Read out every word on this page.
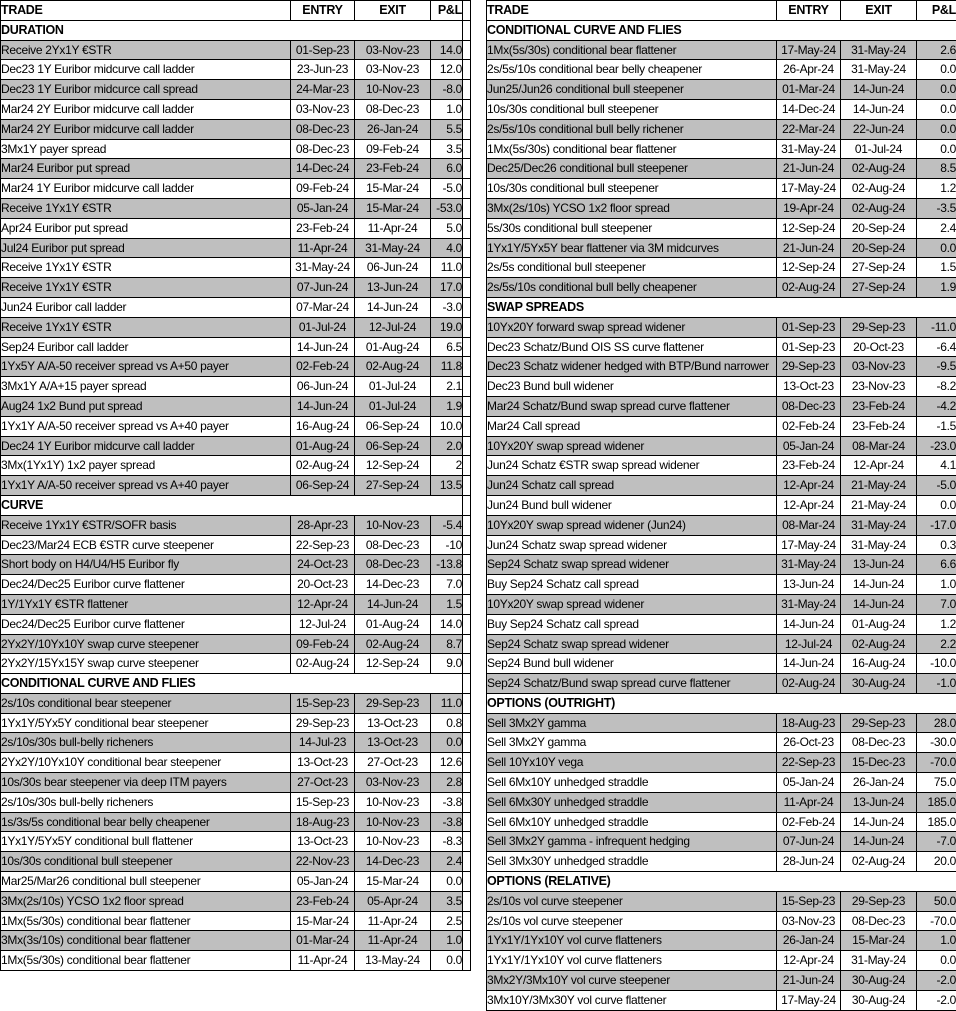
TRADE	ENTRY	EXIT	P&L	
DURATION				
Receive 2Yx1Y €STR	01-Sep-23	03-Nov-23	14.0	
Dec23 1Y Euribor midcurve call ladder	23-Jun-23	03-Nov-23	12.0	
Dec23 1Y Euribor midcurce call spread	24-Mar-23	10-Nov-23	-8.0	
Mar24 2Y Euribor midcurve call ladder	03-Nov-23	08-Dec-23	1.0	
Mar24 2Y Euribor midcurve call ladder	08-Dec-23	26-Jan-24	5.5	
3Mx1Y payer spread	08-Dec-23	09-Feb-24	3.5	
Mar24 Euribor put spread	14-Dec-24	23-Feb-24	6.0	
Mar24 1Y Euribor midcurve call ladder	09-Feb-24	15-Mar-24	-5.0	
Receive 1Yx1Y €STR	05-Jan-24	15-Mar-24	-53.0	
Apr24 Euribor put spread	23-Feb-24	11-Apr-24	5.0	
Jul24 Euribor put spread	11-Apr-24	31-May-24	4.0	
Receive 1Yx1Y €STR	31-May-24	06-Jun-24	11.0	
Receive 1Yx1Y €STR	07-Jun-24	13-Jun-24	17.0	
Jun24 Euribor call ladder	07-Mar-24	14-Jun-24	-3.0	
Receive 1Yx1Y €STR	01-Jul-24	12-Jul-24	19.0	
Sep24 Euribor call ladder	14-Jun-24	01-Aug-24	6.5	
1Yx5Y A/A-50 receiver spread vs A+50 payer	02-Feb-24	02-Aug-24	11.8	
3Mx1Y A/A+15 payer spread	06-Jun-24	01-Jul-24	2.1	
Aug24 1x2 Bund put spread	14-Jun-24	01-Jul-24	1.9	
1Yx1Y A/A-50 receiver spread vs A+40 payer	16-Aug-24	06-Sep-24	10.0	
Dec24 1Y Euribor midcurve call ladder	01-Aug-24	06-Sep-24	2.0	
3Mx(1Yx1Y) 1x2 payer spread	02-Aug-24	12-Sep-24	2	
1Yx1Y A/A-50 receiver spread vs A+40 payer	06-Sep-24	27-Sep-24	13.5	
CURVE				
Receive 1Yx1Y €STR/SOFR basis	28-Apr-23	10-Nov-23	-5.4	
Dec23/Mar24 ECB €STR curve steepener	22-Sep-23	08-Dec-23	-10	
Short body on H4/U4/H5 Euribor fly	24-Oct-23	08-Dec-23	-13.8	
Dec24/Dec25 Euribor curve flattener	20-Oct-23	14-Dec-23	7.0	
1Y/1Yx1Y €STR flattener	12-Apr-24	14-Jun-24	1.5	
Dec24/Dec25 Euribor curve flattener	12-Jul-24	01-Aug-24	14.0	
2Yx2Y/10Yx10Y swap curve steepener	09-Feb-24	02-Aug-24	8.7	
2Yx2Y/15Yx15Y swap curve steepener	02-Aug-24	12-Sep-24	9.0	
CONDITIONAL CURVE AND FLIES				
2s/10s conditional bear steepener	15-Sep-23	29-Sep-23	11.0	
1Yx1Y/5Yx5Y conditional bear steepener	29-Sep-23	13-Oct-23	0.8	
2s/10s/30s bull-belly richeners	14-Jul-23	13-Oct-23	0.0	
2Yx2Y/10Yx10Y conditional bear steepener	13-Oct-23	27-Oct-23	12.6	
10s/30s bear steepener via deep ITM payers	27-Oct-23	03-Nov-23	2.8	
2s/10s/30s bull-belly richeners	15-Sep-23	10-Nov-23	-3.8	
1s/3s/5s conditional bear belly cheapener	18-Aug-23	10-Nov-23	-3.8	
1Yx1Y/5Yx5Y conditional bull flattener	13-Oct-23	10-Nov-23	-8.3	
10s/30s conditional bull steepener	22-Nov-23	14-Dec-23	2.4	
Mar25/Mar26 conditional bull steepener	05-Jan-24	15-Mar-24	0.0	
3Mx(2s/10s) YCSO 1x2 floor spread	23-Feb-24	05-Apr-24	3.5	
1Mx(5s/30s) conditional bear flattener	15-Mar-24	11-Apr-24	2.5	
3Mx(3s/10s) conditional bear flattener	01-Mar-24	11-Apr-24	1.0	
1Mx(5s/30s) conditional bear flattener	11-Apr-24	13-May-24	0.0	
TRADE	ENTRY	EXIT	P&L
CONDITIONAL CURVE AND FLIES			
1Mx(5s/30s) conditional bear flattener	17-May-24	31-May-24	2.6
2s/5s/10s conditional bear belly cheapener	26-Apr-24	31-May-24	0.0
Jun25/Jun26 conditional bull steepener	01-Mar-24	14-Jun-24	0.0
10s/30s conditional bull steepener	14-Dec-24	14-Jun-24	0.0
2s/5s/10s conditional bull belly richener	22-Mar-24	22-Jun-24	0.0
1Mx(5s/30s) conditional bear flattener	31-May-24	01-Jul-24	0.0
Dec25/Dec26 conditional bull steepener	21-Jun-24	02-Aug-24	8.5
10s/30s conditional bull steepener	17-May-24	02-Aug-24	1.2
3Mx(2s/10s) YCSO 1x2 floor spread	19-Apr-24	02-Aug-24	-3.5
5s/30s conditional bull steepener	12-Sep-24	20-Sep-24	2.4
1Yx1Y/5Yx5Y bear flattener via 3M midcurves	21-Jun-24	20-Sep-24	0.0
2s/5s conditional bull steepener	12-Sep-24	27-Sep-24	1.5
2s/5s/10s conditional bull belly cheapener	02-Aug-24	27-Sep-24	1.9
SWAP SPREADS			
10Yx20Y forward swap spread widener	01-Sep-23	29-Sep-23	-11.0
Dec23 Schatz/Bund OIS SS curve flattener	01-Sep-23	20-Oct-23	-6.4
Dec23 Schatz widener hedged with BTP/Bund narrower	29-Sep-23	03-Nov-23	-9.5
Dec23 Bund bull widener	13-Oct-23	23-Nov-23	-8.2
Mar24 Schatz/Bund swap spread curve flattener	08-Dec-23	23-Feb-24	-4.2
Mar24 Call spread	02-Feb-24	23-Feb-24	-1.5
10Yx20Y swap spread widener	05-Jan-24	08-Mar-24	-23.0
Jun24 Schatz €STR swap spread widener	23-Feb-24	12-Apr-24	4.1
Jun24 Schatz call spread	12-Apr-24	21-May-24	-5.0
Jun24 Bund bull widener	12-Apr-24	21-May-24	0.0
10Yx20Y swap spread widener (Jun24)	08-Mar-24	31-May-24	-17.0
Jun24 Schatz swap spread widener	17-May-24	31-May-24	0.3
Sep24 Schatz swap spread widener	31-May-24	13-Jun-24	6.6
Buy Sep24 Schatz call spread	13-Jun-24	14-Jun-24	1.0
10Yx20Y swap spread widener	31-May-24	14-Jun-24	7.0
Buy Sep24 Schatz call spread	14-Jun-24	01-Aug-24	1.2
Sep24 Schatz swap spread widener	12-Jul-24	02-Aug-24	2.2
Sep24 Bund bull widener	14-Jun-24	16-Aug-24	-10.0
Sep24 Schatz/Bund swap spread curve flattener	02-Aug-24	30-Aug-24	-1.0
OPTIONS (OUTRIGHT)			
Sell 3Mx2Y gamma	18-Aug-23	29-Sep-23	28.0
Sell 3Mx2Y gamma	26-Oct-23	08-Dec-23	-30.0
Sell 10Yx10Y vega	22-Sep-23	15-Dec-23	-70.0
Sell 6Mx10Y unhedged straddle	05-Jan-24	26-Jan-24	75.0
Sell 6Mx30Y unhedged straddle	11-Apr-24	13-Jun-24	185.0
Sell 6Mx10Y unhedged straddle	02-Feb-24	14-Jun-24	185.0
Sell 3Mx2Y gamma - infrequent hedging	07-Jun-24	14-Jun-24	-7.0
Sell 3Mx30Y unhedged straddle	28-Jun-24	02-Aug-24	20.0
OPTIONS (RELATIVE)			
2s/10s vol curve steepener	15-Sep-23	29-Sep-23	50.0
2s/10s vol curve steepener	03-Nov-23	08-Dec-23	-70.0
1Yx1Y/1Yx10Y vol curve flatteners	26-Jan-24	15-Mar-24	1.0
1Yx1Y/1Yx10Y vol curve flatteners	12-Apr-24	31-May-24	0.0
3Mx2Y/3Mx10Y vol curve steepener	21-Jun-24	30-Aug-24	-2.0
3Mx10Y/3Mx30Y vol curve flattener	17-May-24	30-Aug-24	-2.0
